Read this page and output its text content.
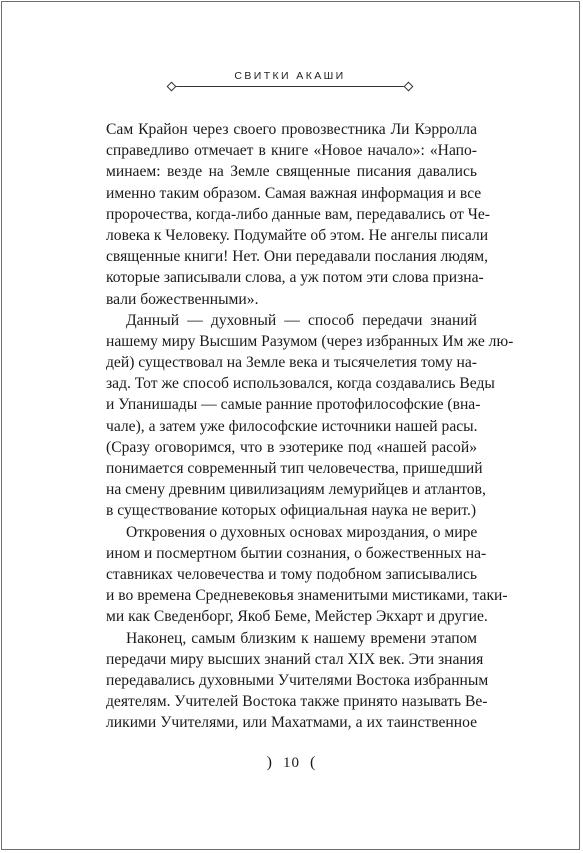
СВИТКИ АКАШИ
Сам Крайон через своего провозвестника Ли Кэрролла
справедливо отмечает в книге «Новое начало»: «Напо-
минаем: везде на Земле священные писания давались
именно таким образом. Самая важная информация и все
пророчества, когда-либо данные вам, передавались от Че-
ловека к Человеку. Подумайте об этом. Не ангелы писали
священные книги! Нет. Они передавали послания людям,
которые записывали слова, а уж потом эти слова призна-
вали божественными».
Данный — духовный — способ передачи знаний
нашему миру Высшим Разумом (через избранных Им же лю-
дей) существовал на Земле века и тысячелетия тому на-
зад. Тот же способ использовался, когда создавались Веды
и Упанишады — самые ранние протофилософские (вна-
чале), а затем уже философские источники нашей расы.
(Сразу оговоримся, что в эзотерике под «нашей расой»
понимается современный тип человечества, пришедший
на смену древним цивилизациям лемурийцев и атлантов,
в существование которых официальная наука не верит.)
Откровения о духовных основах мироздания, о мире
ином и посмертном бытии сознания, о божественных на-
ставниках человечества и тому подобном записывались
и во времена Средневековья знаменитыми мистиками, таки-
ми как Сведенборг, Якоб Беме, Мейстер Экхарт и другие.
Наконец, самым близким к нашему времени этапом
передачи миру высших знаний стал XIX век. Эти знания
передавались духовными Учителями Востока избранным
деятелям. Учителей Востока также принято называть Ве-
ликими Учителями, или Махатмами, а их таинственное
) 10 (
